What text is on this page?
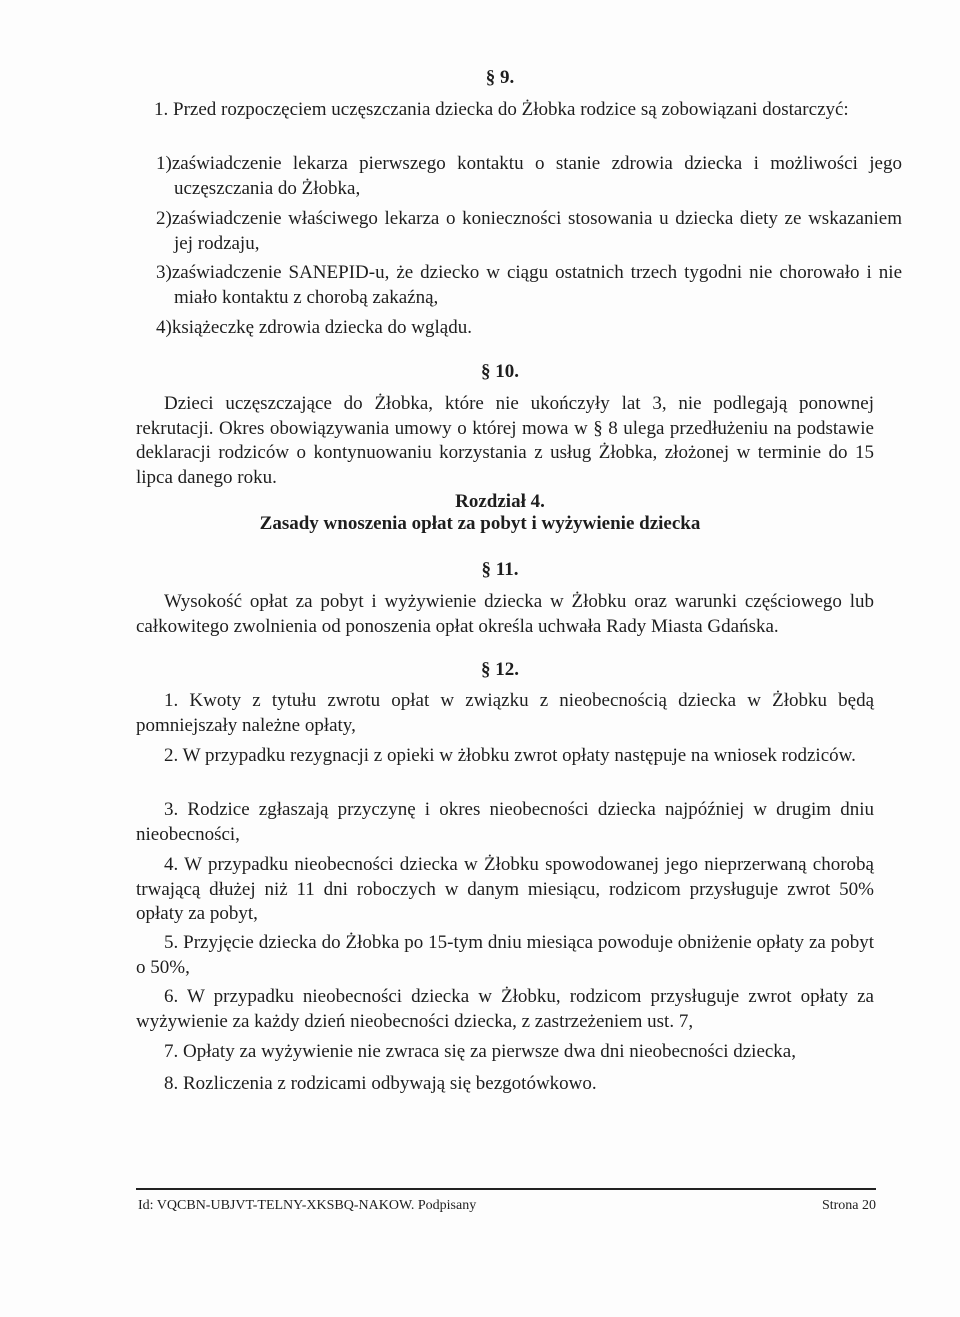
§ 9.
1. Przed rozpoczęciem uczęszczania dziecka do Żłobka rodzice są zobowiązani dostarczyć:
1)zaświadczenie lekarza pierwszego kontaktu o stanie zdrowia dziecka i możliwości jego uczęszczania do Żłobka,
2)zaświadczenie właściwego lekarza o konieczności stosowania u dziecka diety ze wskazaniem jej rodzaju,
3)zaświadczenie SANEPID-u, że dziecko w ciągu ostatnich trzech tygodni nie chorowało i nie miało kontaktu z chorobą zakaźną,
4)książeczkę zdrowia dziecka do wglądu.
§ 10.
Dzieci uczęszczające do Żłobka, które nie ukończyły lat 3, nie podlegają ponownej rekrutacji. Okres obowiązywania umowy o której mowa w § 8 ulega przedłużeniu na podstawie deklaracji rodziców o kontynuowaniu korzystania z usług Żłobka, złożonej w terminie do 15 lipca danego roku.
Rozdział 4.
Zasady wnoszenia opłat za pobyt i wyżywienie dziecka
§ 11.
Wysokość opłat za pobyt i wyżywienie dziecka w Żłobku oraz warunki częściowego lub całkowitego zwolnienia od ponoszenia opłat określa uchwała Rady Miasta Gdańska.
§ 12.
1. Kwoty z tytułu zwrotu opłat w związku z nieobecnością dziecka w Żłobku będą pomniejszały należne opłaty,
2. W przypadku rezygnacji z opieki w żłobku zwrot opłaty następuje na wniosek rodziców.
3. Rodzice zgłaszają przyczynę i okres nieobecności dziecka najpóźniej w drugim dniu nieobecności,
4. W przypadku nieobecności dziecka w Żłobku spowodowanej jego nieprzerwaną chorobą trwającą dłużej niż 11 dni roboczych w danym miesiącu, rodzicom przysługuje zwrot 50% opłaty za pobyt,
5. Przyjęcie dziecka do Żłobka po 15-tym dniu miesiąca powoduje obniżenie opłaty za pobyt o 50%,
6. W przypadku nieobecności dziecka w Żłobku, rodzicom przysługuje zwrot opłaty za wyżywienie za każdy dzień nieobecności dziecka, z zastrzeżeniem ust. 7,
7. Opłaty za wyżywienie nie zwraca się za pierwsze dwa dni nieobecności dziecka,
8. Rozliczenia z rodzicami odbywają się bezgotówkowo.
Id: VQCBN-UBJVT-TELNY-XKSBQ-NAKOW. Podpisany	Strona 20
